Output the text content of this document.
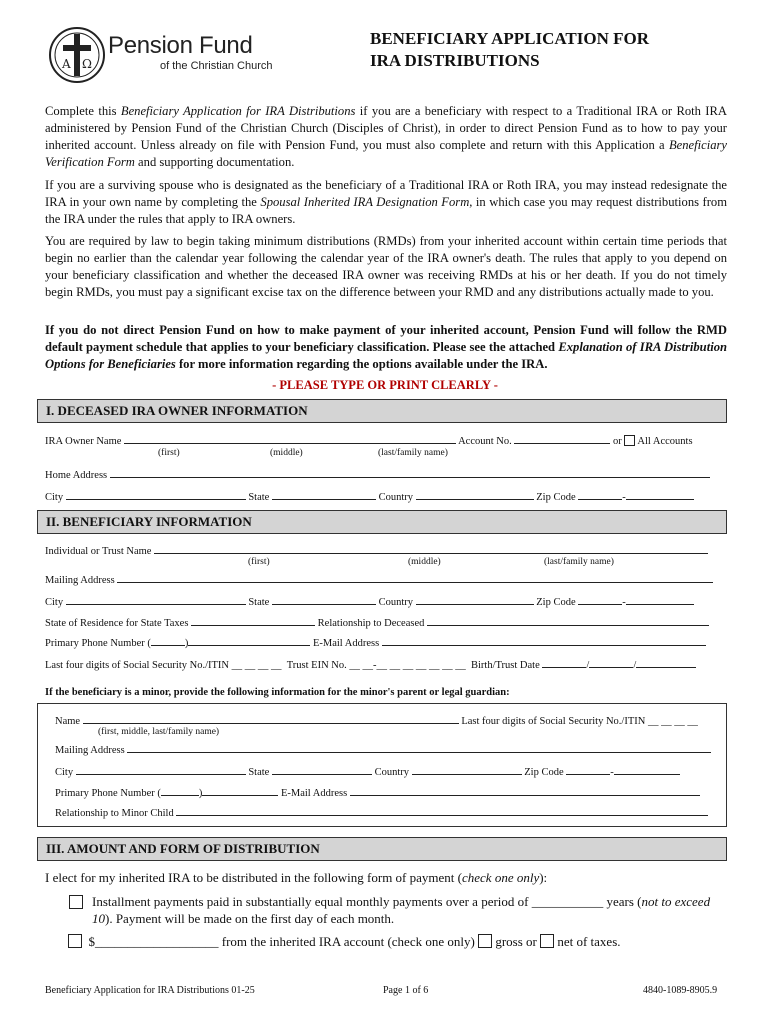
A Ω
Pension Fund
of the Christian Church
BENEFICIARY APPLICATION FOR
IRA DISTRIBUTIONS
Complete this Beneficiary Application for IRA Distributions if you are a beneficiary with respect to a Traditional IRA or Roth IRA administered by Pension Fund of the Christian Church (Disciples of Christ), in order to direct Pension Fund as to how to pay your inherited account. Unless already on file with Pension Fund, you must also complete and return with this Application a Beneficiary Verification Form and supporting documentation.
If you are a surviving spouse who is designated as the beneficiary of a Traditional IRA or Roth IRA, you may instead redesignate the IRA in your own name by completing the Spousal Inherited IRA Designation Form, in which case you may request distributions from the IRA under the rules that apply to IRA owners.
You are required by law to begin taking minimum distributions (RMDs) from your inherited account within certain time periods that begin no earlier than the calendar year following the calendar year of the IRA owner's death. The rules that apply to you depend on your beneficiary classification and whether the deceased IRA owner was receiving RMDs at his or her death. If you do not timely begin RMDs, you must pay a significant excise tax on the difference between your RMD and any distributions actually made to you.
If you do not direct Pension Fund on how to make payment of your inherited account, Pension Fund will follow the RMD default payment schedule that applies to your beneficiary classification. Please see the attached Explanation of IRA Distribution Options for Beneficiaries for more information regarding the options available under the IRA.
- PLEASE TYPE OR PRINT CLEARLY -
I. DECEASED IRA OWNER INFORMATION
IRA Owner Name	Account No.	or All Accounts
(first)	(middle)	(last/family name)
Home Address
City	State	Country	Zip Code	-
II. BENEFICIARY INFORMATION
Individual or Trust Name
(first)	(middle)	(last/family name)
Mailing Address
City	State	Country	Zip Code	-
State of Residence for State Taxes	Relationship to Deceased
Primary Phone Number (	)	E-Mail Address
Last four digits of Social Security No./ITIN __ __ __ __ Trust EIN No. __ __-__ __ __ __ __ __ __ Birth/Trust Date	/	/
If the beneficiary is a minor, provide the following information for the minor's parent or legal guardian:
Name	Last four digits of Social Security No./ITIN __ __ __ __
(first, middle, last/family name)
Mailing Address
City	State	Country	Zip Code	-
Primary Phone Number (	)	E-Mail Address
Relationship to Minor Child
III. AMOUNT AND FORM OF DISTRIBUTION
I elect for my inherited IRA to be distributed in the following form of payment (check one only):
Installment payments paid in substantially equal monthly payments over a period of ___________ years (not to exceed 10). Payment will be made on the first day of each month.
$___________________ from the inherited IRA account (check one only) gross or net of taxes.
Beneficiary Application for IRA Distributions 01-25	Page 1 of 6	4840-1089-8905.9
